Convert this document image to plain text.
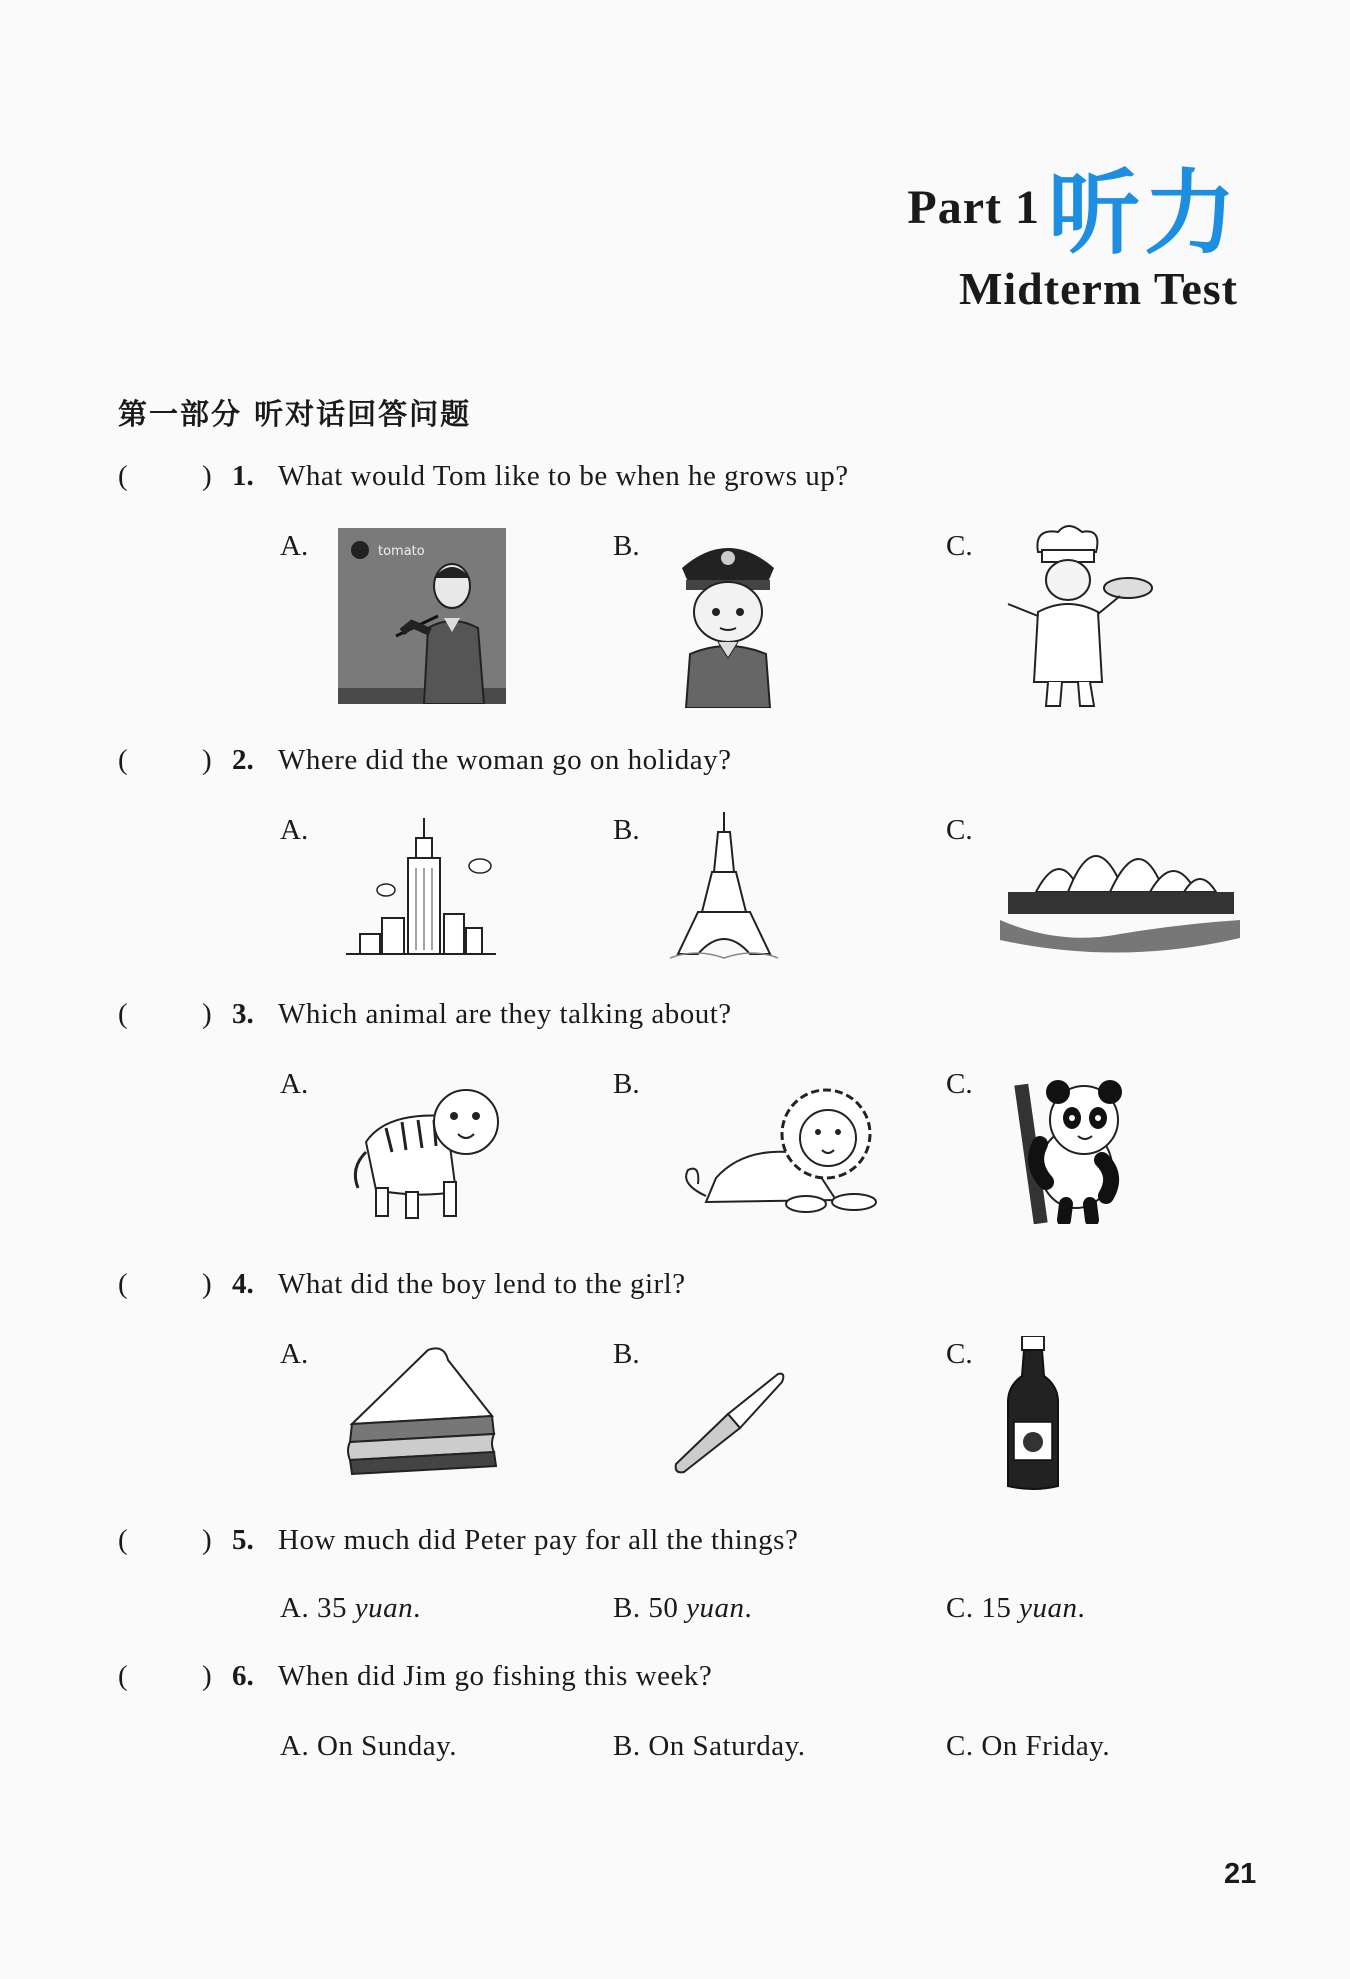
Part 1 听力
Midterm Test
第一部分 听对话回答问题
(	) 1. What would Tom like to be when he grows up?
A.	B.	C.
tomato
(	) 2. Where did the woman go on holiday?
A.	B.	C.
(	) 3. Which animal are they talking about?
A.	B.	C.
(	) 4. What did the boy lend to the girl?
A.	B.	C.
(	) 5. How much did Peter pay for all the things?
A. 35 yuan.	B. 50 yuan.	C. 15 yuan.
(	) 6. When did Jim go fishing this week?
A. On Sunday.	B. On Saturday.	C. On Friday.
21
